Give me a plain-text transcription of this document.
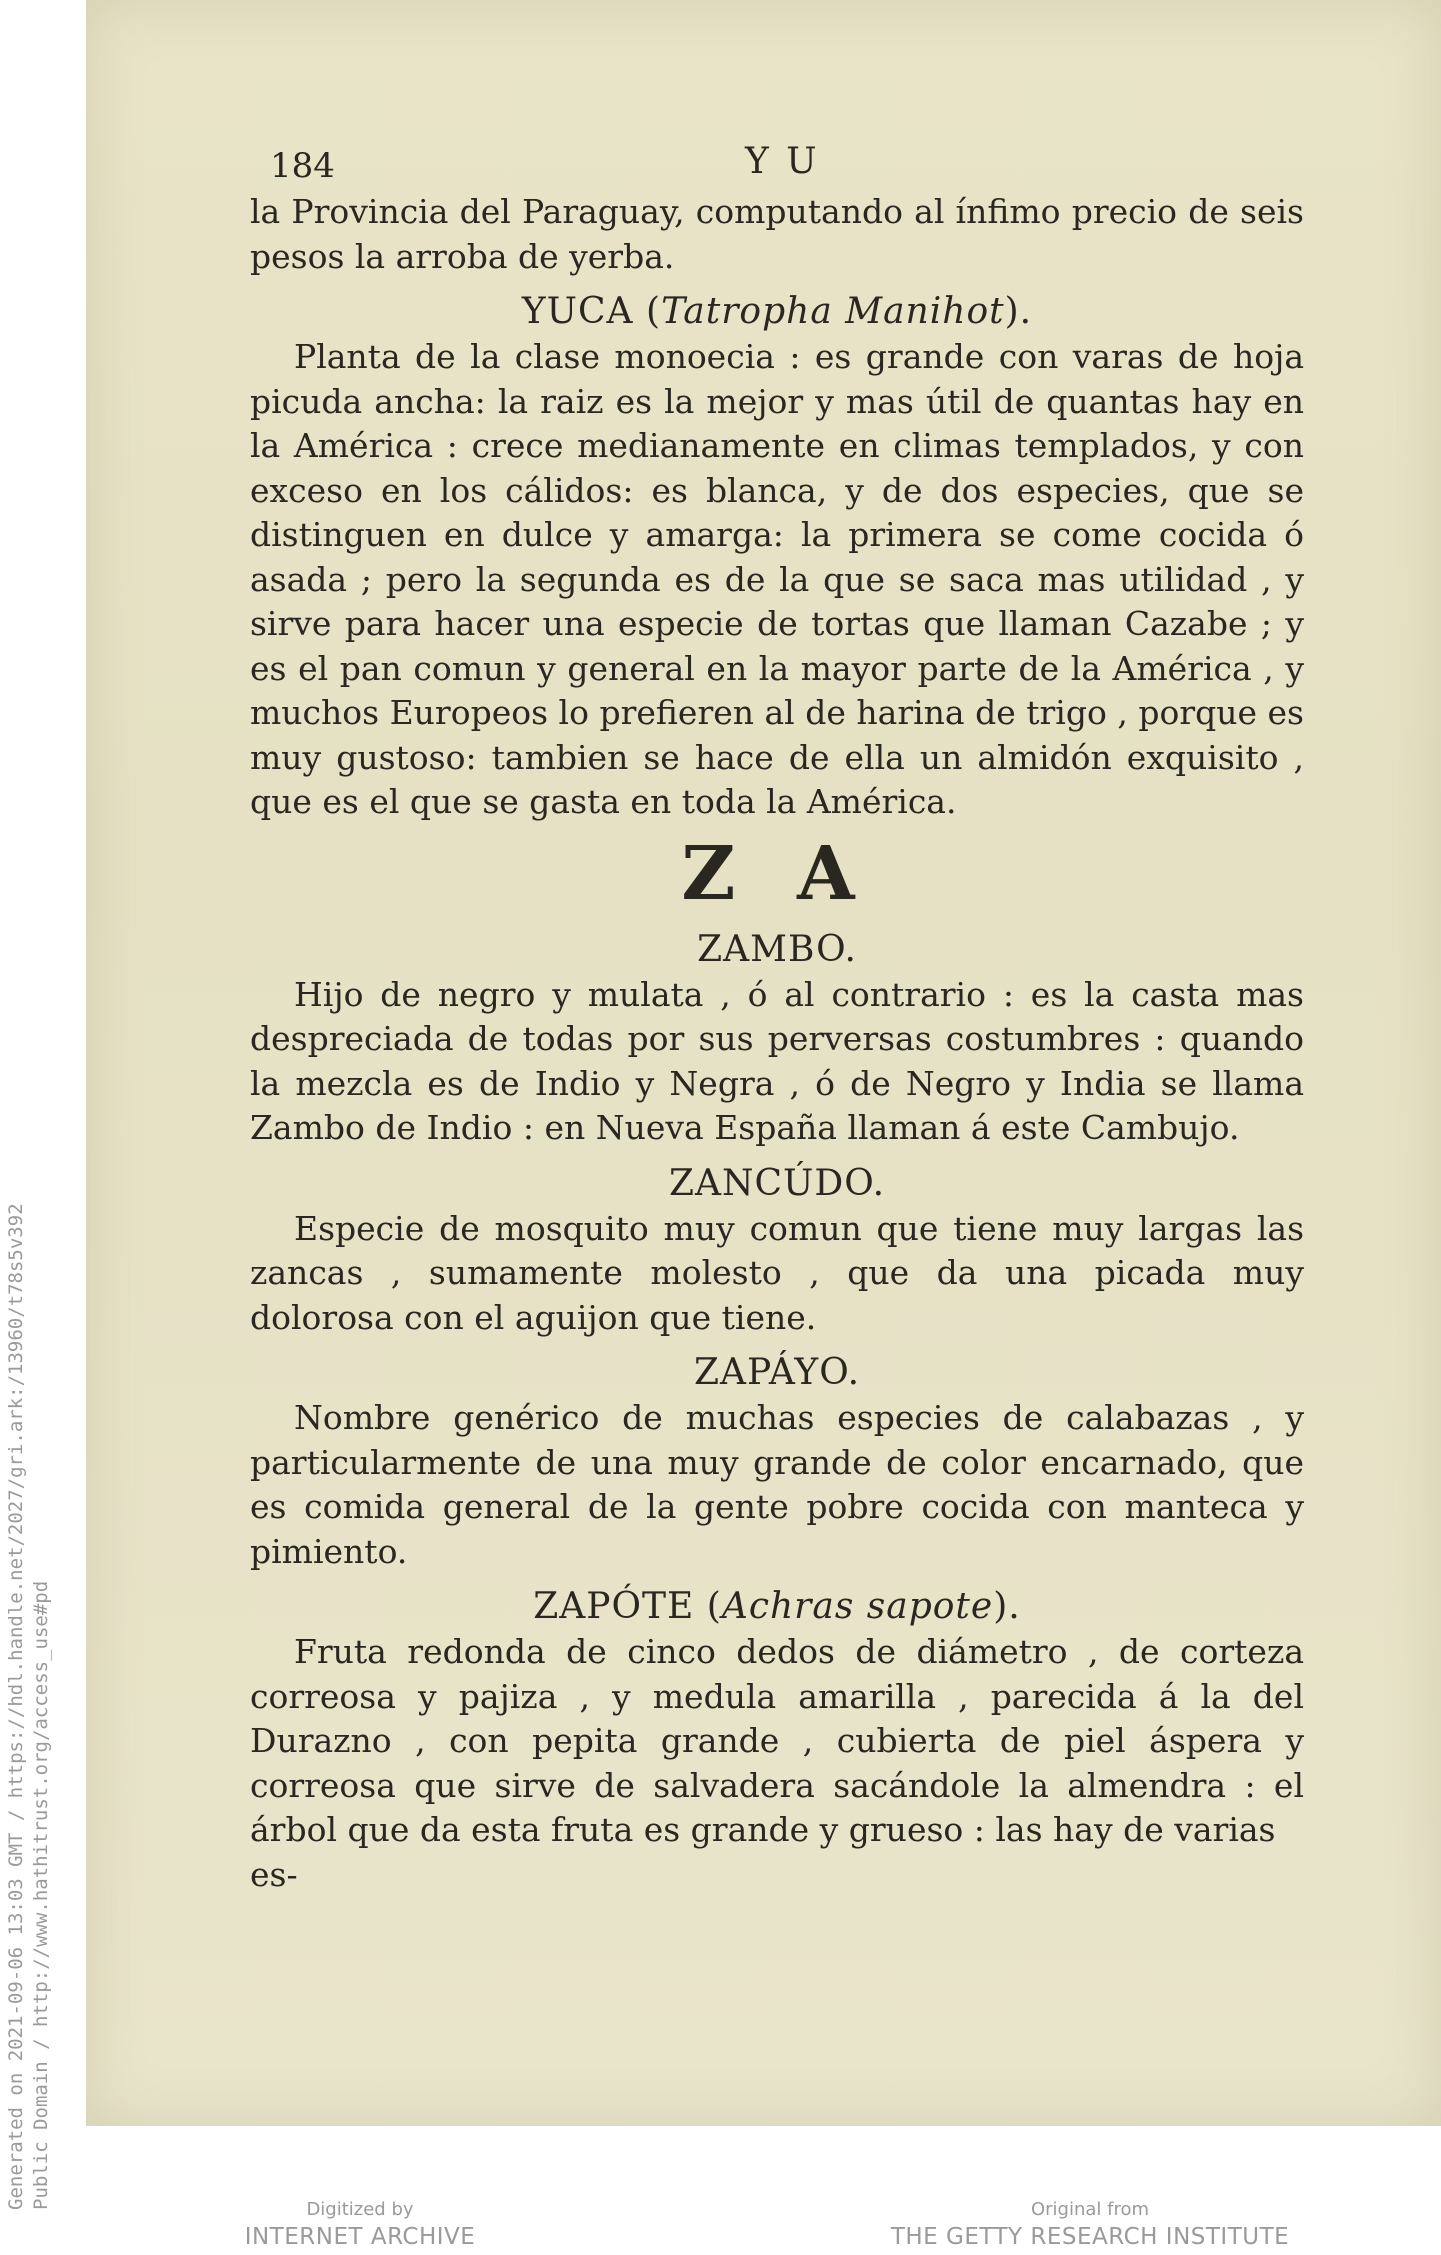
Generated on 2021-09-06 13:03 GMT / https://hdl.handle.net/2027/gri.ark:/13960/t78s5v392 Public Domain / http://www.hathitrust.org/access_use#pd
184	Y U

la Provincia del Paraguay, computando al ínfimo precio de seis pesos la arroba de yerba.

YUCA (Tatropha Manihot).

Planta de la clase monoecia : es grande con varas de hoja picuda ancha: la raiz es la mejor y mas útil de quantas hay en la América : crece medianamente en climas templados, y con exceso en los cálidos: es blanca, y de dos especies, que se distinguen en dulce y amarga: la primera se come cocida ó asada ; pero la segunda es de la que se saca mas utilidad , y sirve para hacer una especie de tortas que llaman Cazabe ; y es el pan comun y general en la mayor parte de la América , y muchos Europeos lo prefieren al de harina de trigo , porque es muy gustoso: tambien se hace de ella un almidón exquisito , que es el que se gasta en toda la América.

Z A
ZAMBO.

Hijo de negro y mulata , ó al contrario : es la casta mas despreciada de todas por sus perversas costumbres : quando la mezcla es de Indio y Negra , ó de Negro y India se llama Zambo de Indio : en Nueva España llaman á este Cambujo.

ZANCÚDO.

Especie de mosquito muy comun que tiene muy largas las zancas , sumamente molesto , que da una picada muy dolorosa con el aguijon que tiene.

ZAPÁYO.

Nombre genérico de muchas especies de calabazas , y particularmente de una muy grande de color encarnado, que es comida general de la gente pobre cocida con manteca y pimiento.

ZAPÓTE (Achras sapote).

Fruta redonda de cinco dedos de diámetro , de corteza correosa y pajiza , y medula amarilla , parecida á la del Durazno , con pepita grande , cubierta de piel áspera y correosa que sirve de salvadera sacándole la almendra : el árbol que da esta fruta es grande y grueso : las hay de varias

es-

Digitized by
INTERNET ARCHIVE
Original from
THE GETTY RESEARCH INSTITUTE
